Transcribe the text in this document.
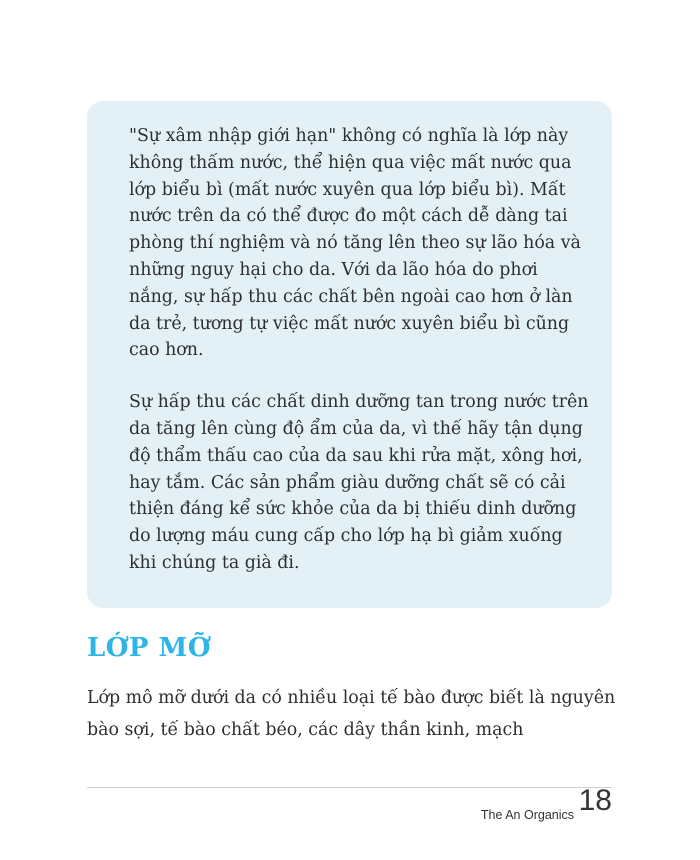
"Sự xâm nhập giới hạn" không có nghĩa là lớp này không thấm nước, thể hiện qua việc mất nước qua lớp biểu bì (mất nước xuyên qua lớp biểu bì). Mất nước trên da có thể được đo một cách dễ dàng tai phòng thí nghiệm và nó tăng lên theo sự lão hóa và những nguy hại cho da. Với da lão hóa do phơi nắng, sự hấp thu các chất bên ngoài cao hơn ở làn da trẻ, tương tự việc mất nước xuyên biểu bì cũng cao hơn.

Sự hấp thu các chất dinh dưỡng tan trong nước trên da tăng lên cùng độ ẩm của da, vì thế hãy tận dụng độ thẩm thấu cao của da sau khi rửa mặt, xông hơi, hay tắm. Các sản phẩm giàu dưỡng chất sẽ có cải thiện đáng kể sức khỏe của da bị thiếu dinh dưỡng do lượng máu cung cấp cho lớp hạ bì giảm xuống khi chúng ta già đi.

LỚP MỠ

Lớp mô mỡ dưới da có nhiều loại tế bào được biết là nguyên bào sợi, tế bào chất béo, các dây thần kinh, mạch

The An Organics 18
